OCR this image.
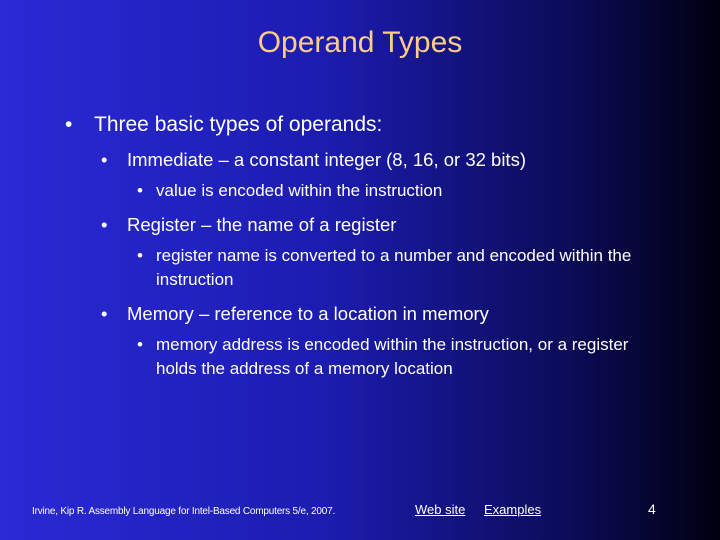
Operand Types
• Three basic types of operands:
• Immediate – a constant integer (8, 16, or 32 bits)
• value is encoded within the instruction
• Register – the name of a register
• register name is converted to a number and encoded within the instruction
• Memory – reference to a location in memory
• memory address is encoded within the instruction, or a register holds the address of a memory location
Irvine, Kip R. Assembly Language for Intel-Based Computers 5/e, 2007.	Web site Examples	4
